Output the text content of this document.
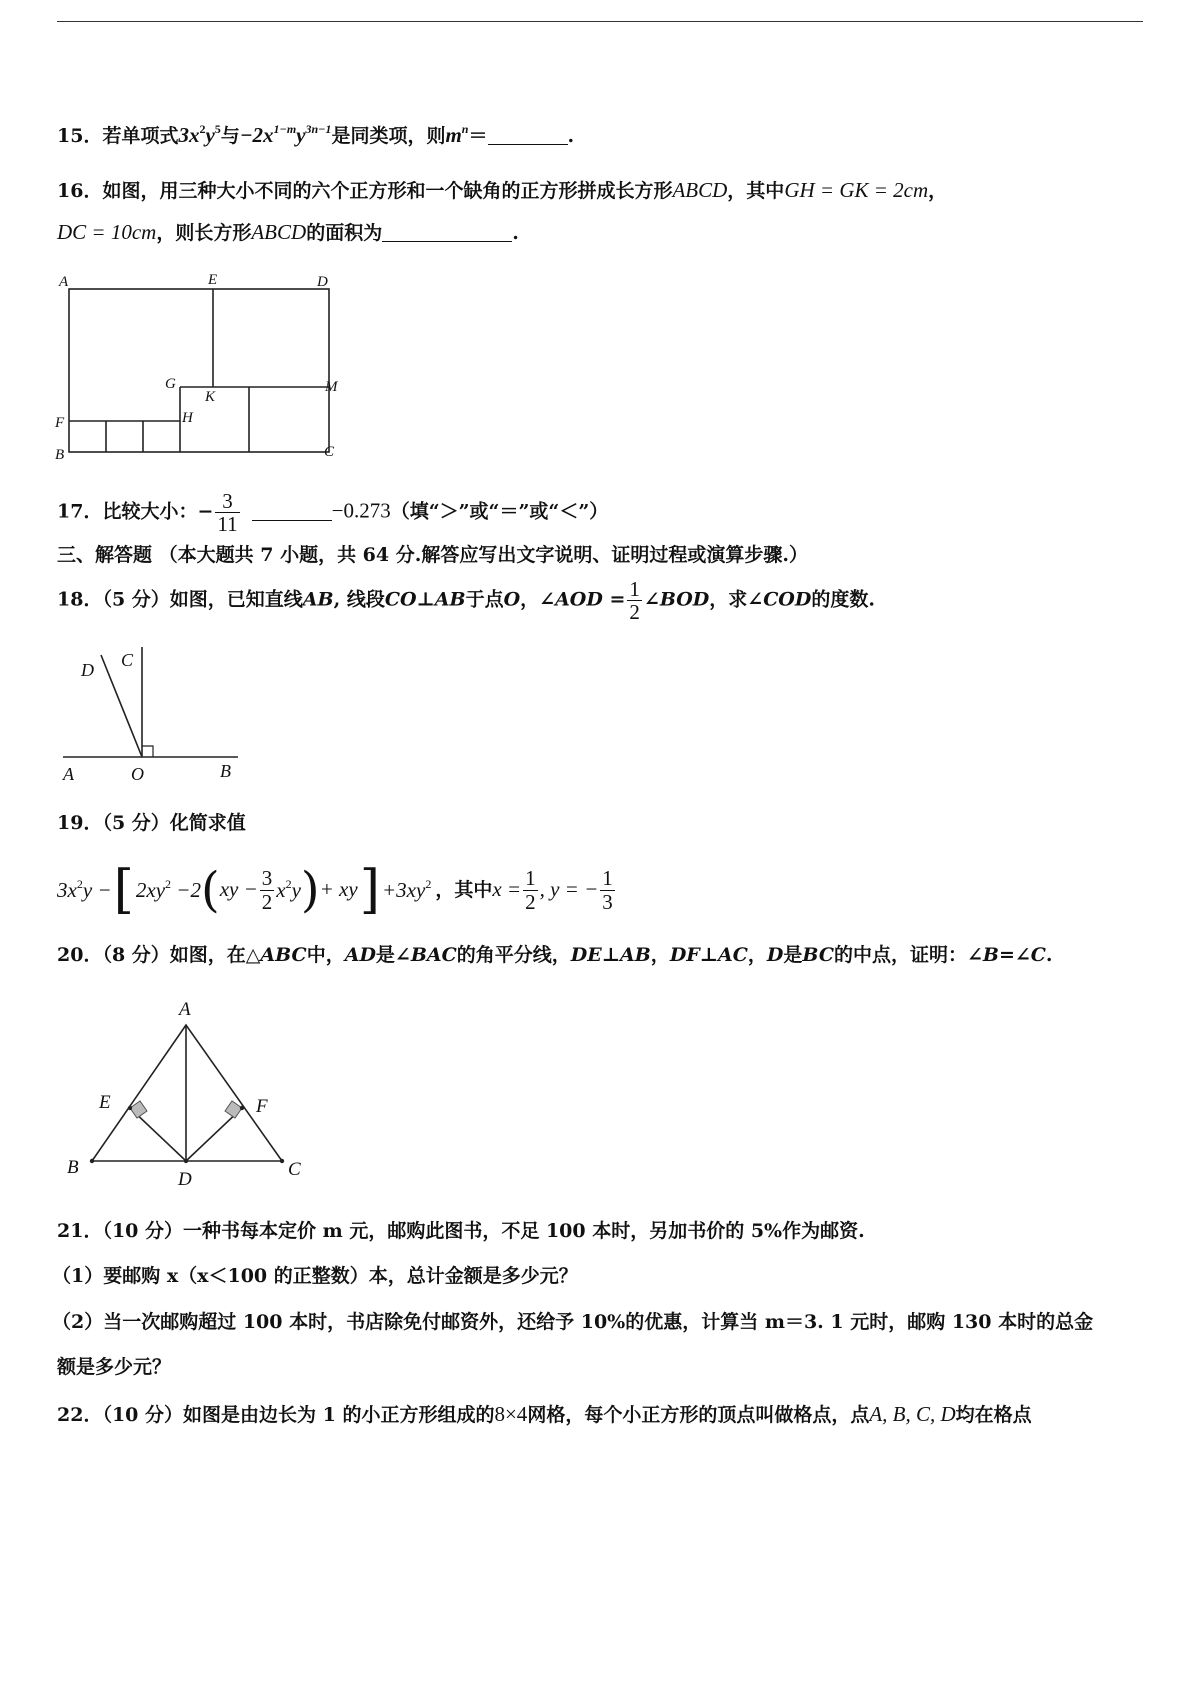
15．若单项式$3x^2y^5$与$-2x^{1-m}y^{3n-1}$是同类项，则$m^n=$	.
16．如图，用三种大小不同的六个正方形和一个缺角的正方形拼成长方形ABCD，其中GH = GK = 2cm，
DC = 10cm，则长方形ABCD的面积为	.
A	E	D
G
K
M
F	H
B	C
17．比较大小：− $\frac{3}{11}$	−0.273（填“＞”或“＝”或“＜”）
三、解答题 （本大题共 7 小题，共 64 分.解答应写出文字说明、证明过程或演算步骤.）
18．（5 分）如图，已知直线AB, 线段CO⊥AB于点O，∠AOD = $\frac{1}{2}$ ∠BOD，求∠COD的度数.
D C
A	O	B
19．（5 分）化简求值
$3x^2y$ − [ $2xy^2 -2$ ( xy − $\frac{3}{2} x^2y$ ) + xy ] $+3xy^2$ ，其中 $x = \frac{1}{2}$ , y = − $\frac{1}{3}$
20．（8 分）如图，在△ABC中，AD是∠BAC的角平分线，DE⊥AB，DF⊥AC，D是BC的中点，证明：∠B=∠C.
A
E	F
B
D	C
21．（10 分）一种书每本定价 m 元，邮购此图书，不足 100 本时，另加书价的 5%作为邮资.
（1）要邮购 x（x＜100 的正整数）本，总计金额是多少元？
（2）当一次邮购超过 100 本时，书店除免付邮资外，还给予 10%的优惠，计算当 m＝3. 1 元时，邮购 130 本时的总金
额是多少元？
22．（10 分）如图是由边长为 1 的小正方形组成的8×4网格，每个小正方形的顶点叫做格点，点A, B, C, D均在格点
